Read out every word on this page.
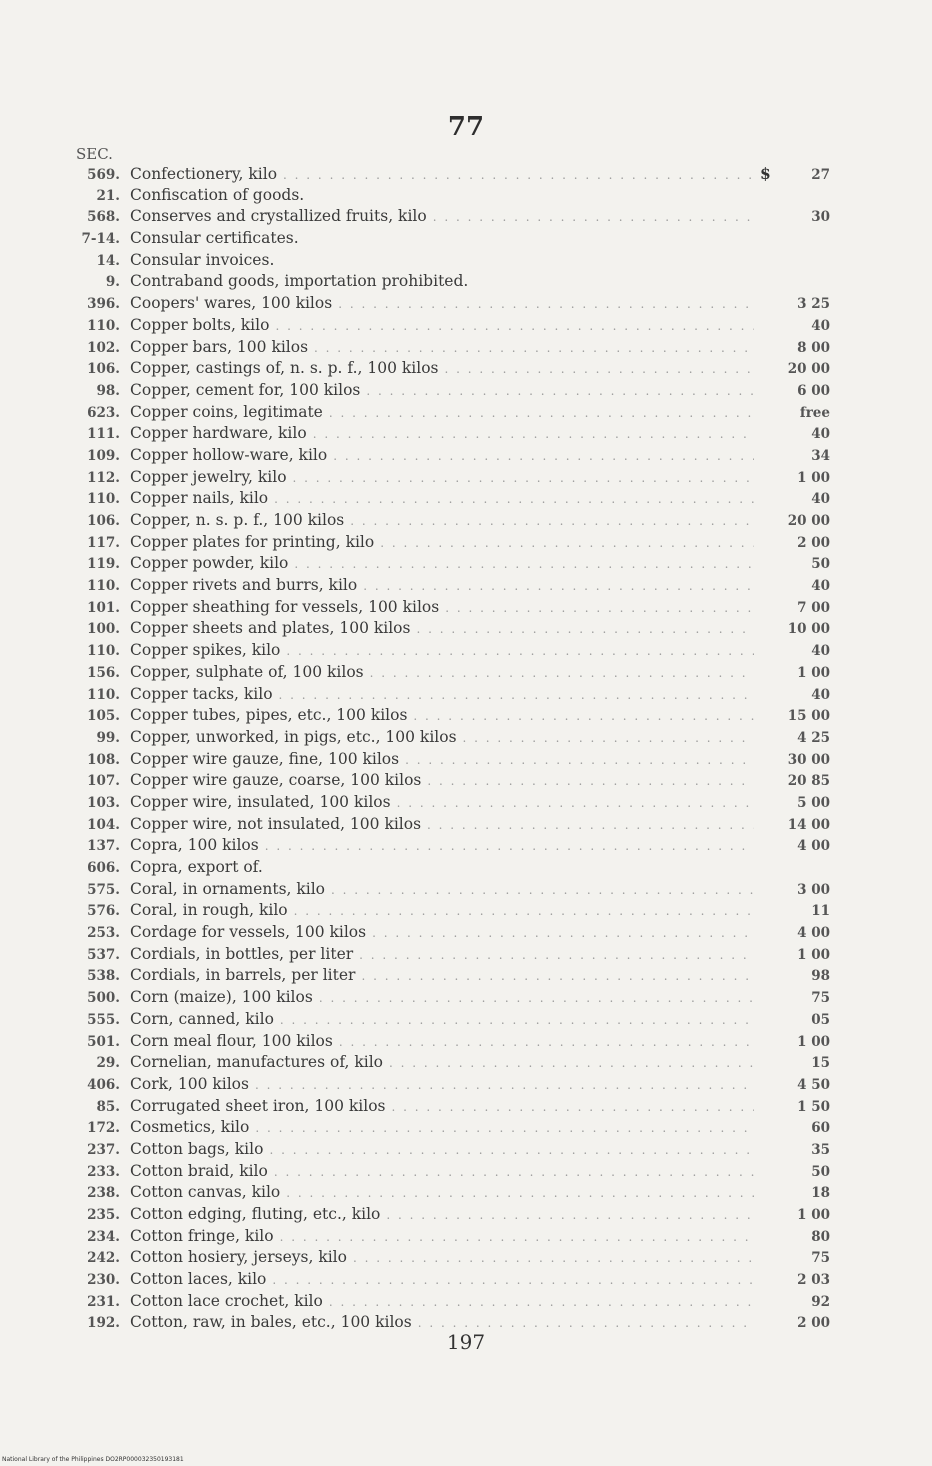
77
SEC.
569. Confectionery, kilo . . .	$	27
21. Confiscation of goods.
568. Conserves and crystallized fruits, kilo . . .	30
7-14. Consular certificates.
14. Consular invoices.
9. Contraband goods, importation prohibited.
396. Coopers' wares, 100 kilos . . .	3 25
110. Copper bolts, kilo . . .	40
102. Copper bars, 100 kilos . . .	8 00
106. Copper, castings of, n. s. p. f., 100 kilos . . .	20 00
98. Copper, cement for, 100 kilos . . .	6 00
623. Copper coins, legitimate . . .	free
111. Copper hardware, kilo . . .	40
109. Copper hollow-ware, kilo . . .	34
112. Copper jewelry, kilo . . .	1 00
110. Copper nails, kilo . . .	40
106. Copper, n. s. p. f., 100 kilos . . .	20 00
117. Copper plates for printing, kilo . . .	2 00
119. Copper powder, kilo . . .	50
110. Copper rivets and burrs, kilo . . .	40
101. Copper sheathing for vessels, 100 kilos . . .	7 00
100. Copper sheets and plates, 100 kilos . . .	10 00
110. Copper spikes, kilo . . .	40
156. Copper, sulphate of, 100 kilos . . .	1 00
110. Copper tacks, kilo . . .	40
105. Copper tubes, pipes, etc., 100 kilos . . .	15 00
99. Copper, unworked, in pigs, etc., 100 kilos . . .	4 25
108. Copper wire gauze, fine, 100 kilos . . .	30 00
107. Copper wire gauze, coarse, 100 kilos . . .	20 85
103. Copper wire, insulated, 100 kilos . . .	5 00
104. Copper wire, not insulated, 100 kilos . . .	14 00
137. Copra, 100 kilos . . .	4 00
606. Copra, export of.
575. Coral, in ornaments, kilo . . .	3 00
576. Coral, in rough, kilo . . .	11
253. Cordage for vessels, 100 kilos . . .	4 00
537. Cordials, in bottles, per liter . . .	1 00
538. Cordials, in barrels, per liter . . .	98
500. Corn (maize), 100 kilos . . .	75
555. Corn, canned, kilo . . .	05
501. Corn meal flour, 100 kilos . . .	1 00
29. Cornelian, manufactures of, kilo . . .	15
406. Cork, 100 kilos . . .	4 50
85. Corrugated sheet iron, 100 kilos . . .	1 50
172. Cosmetics, kilo . . .	60
237. Cotton bags, kilo . . .	35
233. Cotton braid, kilo . . .	50
238. Cotton canvas, kilo . . .	18
235. Cotton edging, fluting, etc., kilo . . .	1 00
234. Cotton fringe, kilo . . .	80
242. Cotton hosiery, jerseys, kilo . . .	75
230. Cotton laces, kilo . . .	2 03
231. Cotton lace crochet, kilo . . .	92
192. Cotton, raw, in bales, etc., 100 kilos . . .	2 00
197
National Library of the Philippines DO2RP000032350193181
